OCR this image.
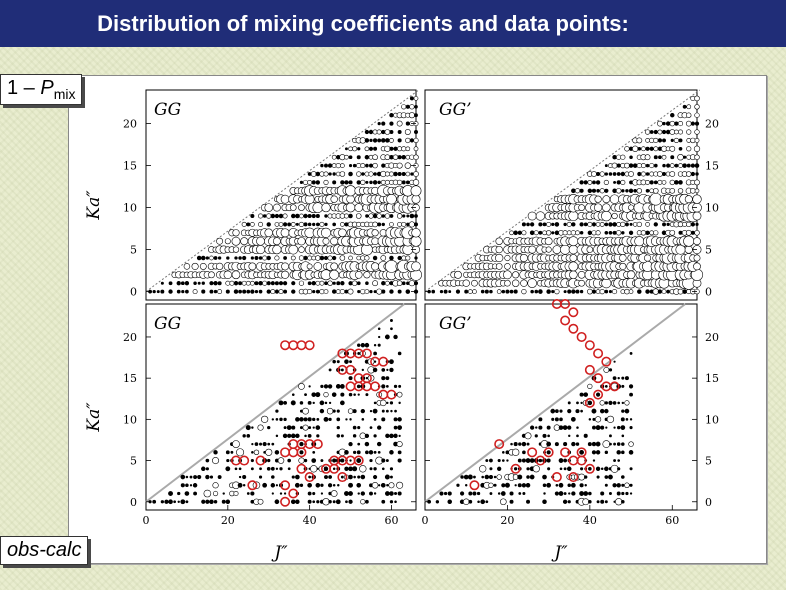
Distribution of mixing coefficients and data points:
Ka″
0
5
10
15
20
GG
0
5
10
15
20
GG’
Ka″
0
5
10
15
20
0	20	40	60
GG
J″
0
5
10
15
20
0	20	40	60
GG’
J″
$1 - P_{mix}$
obs-calc
